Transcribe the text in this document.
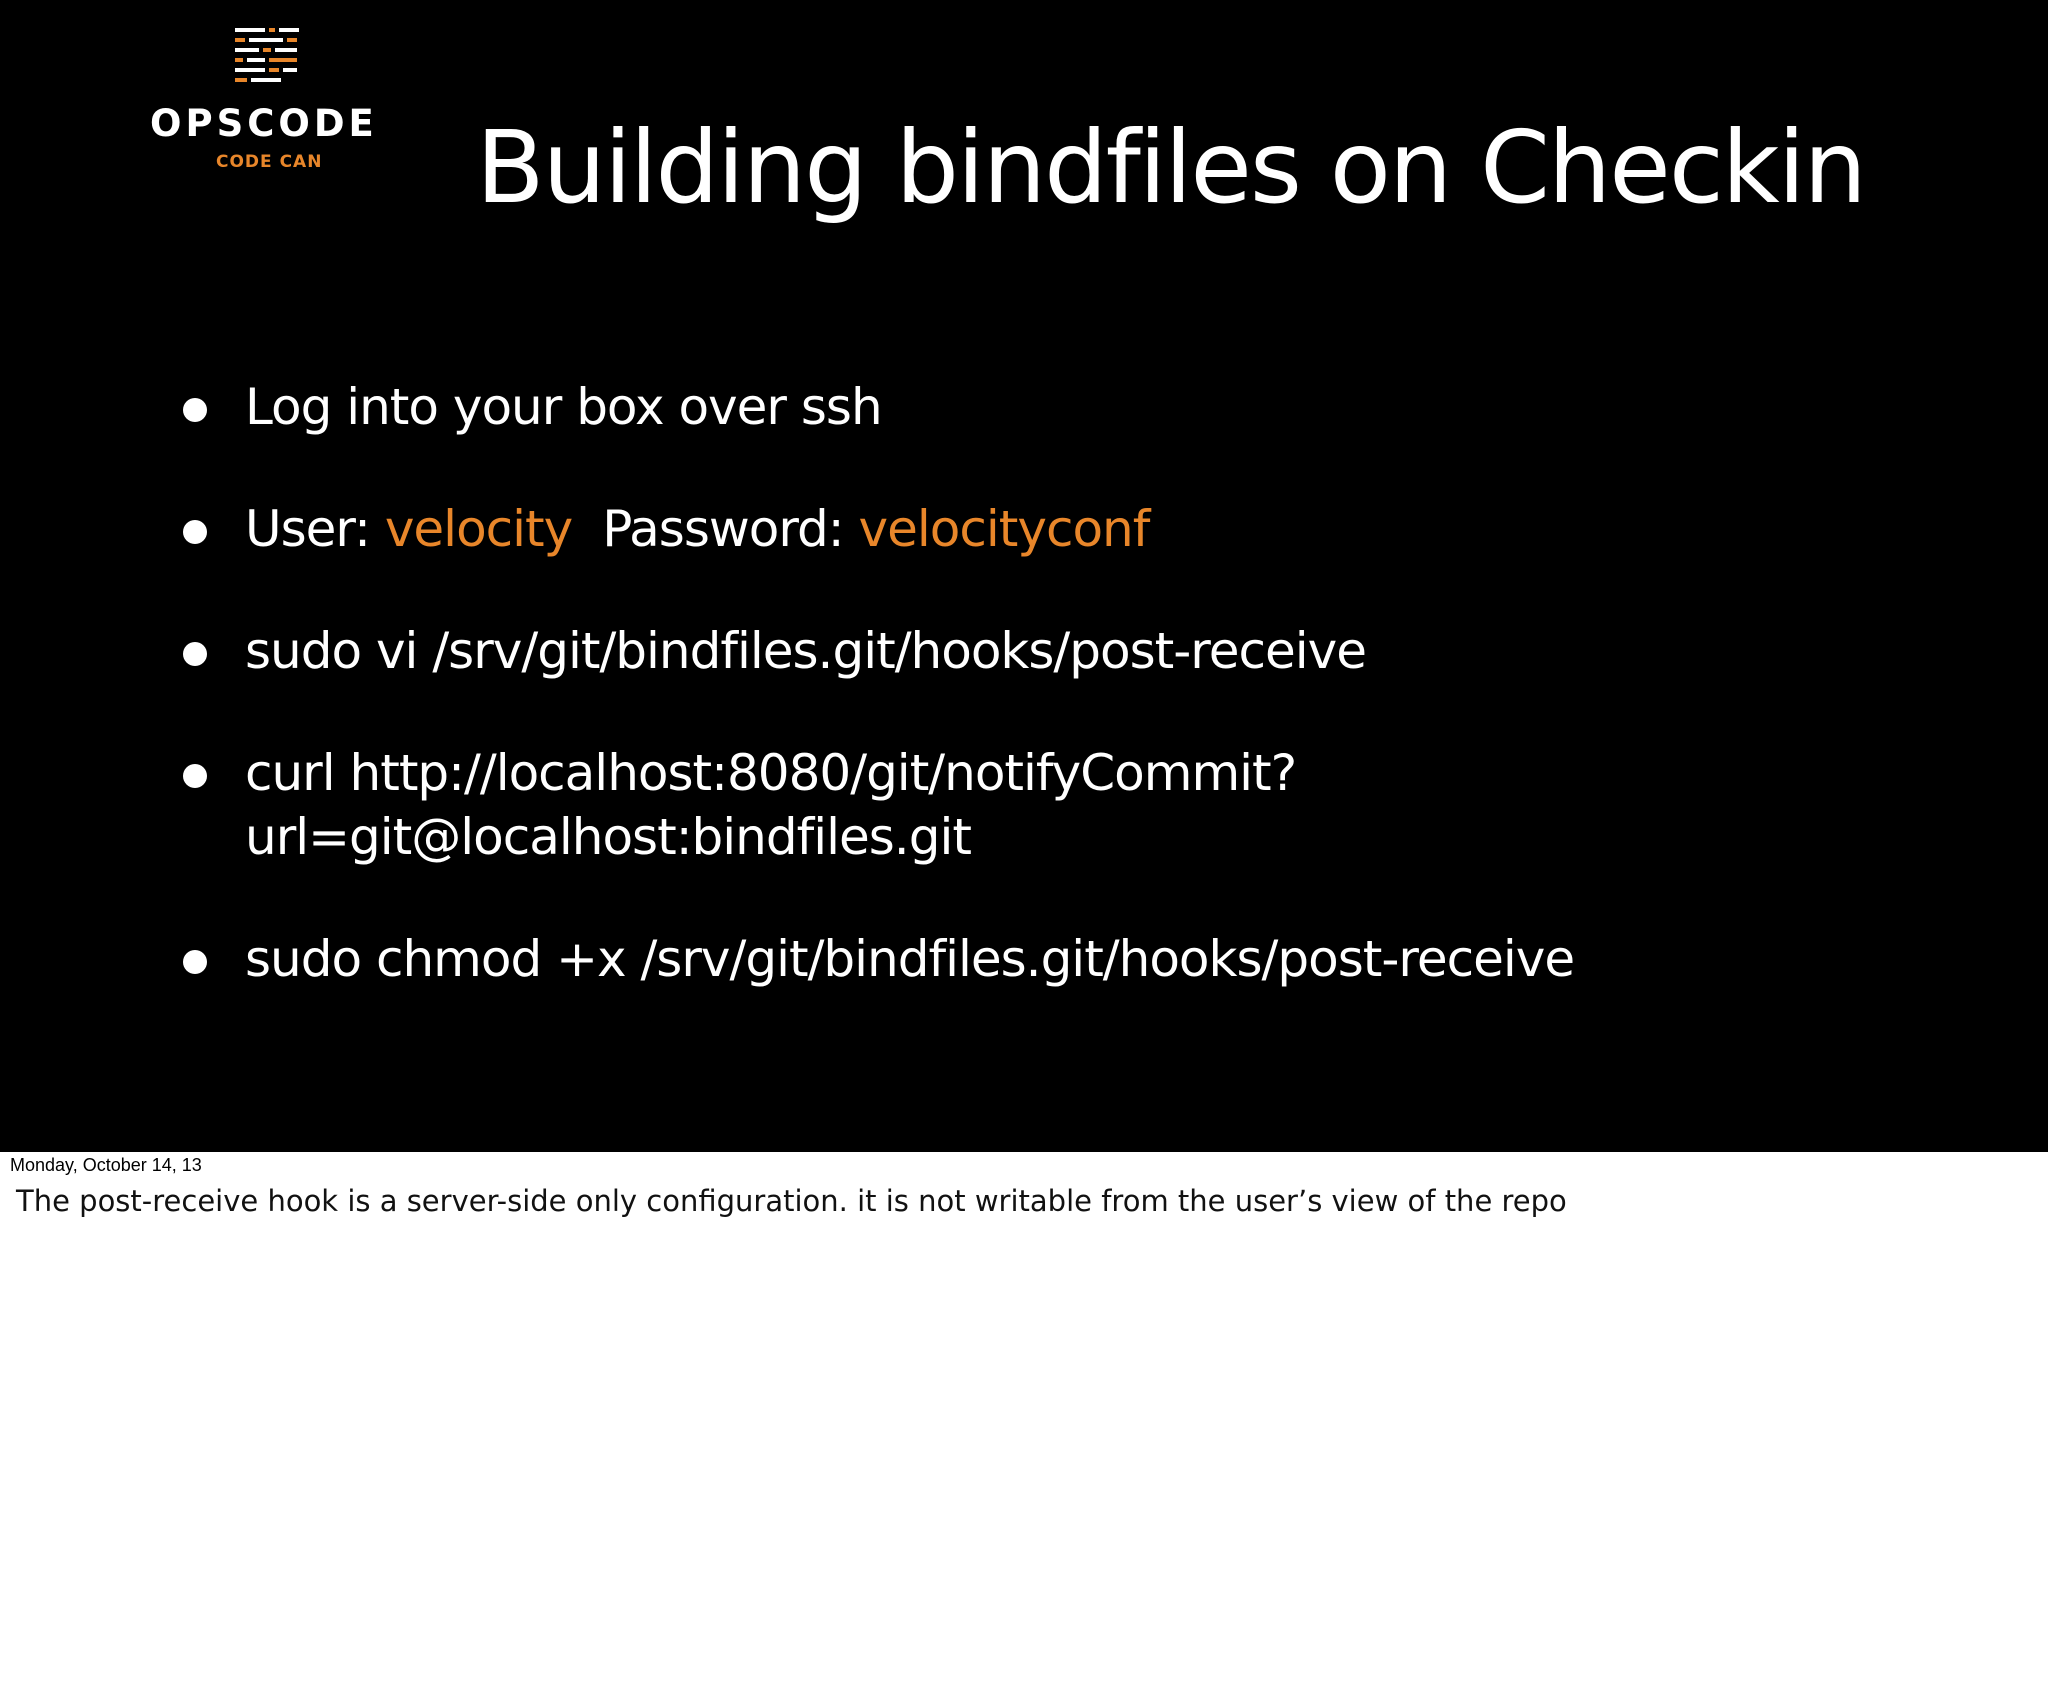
OPSCODE
CODE CAN Building bindfiles on Checkin
Log into your box over ssh
User: velocity Password: velocityconf
sudo vi /srv/git/bindfiles.git/hooks/post-receive
curl http://localhost:8080/git/notifyCommit?
url=git@localhost:bindfiles.git
sudo chmod +x /srv/git/bindfiles.git/hooks/post-receive
Monday, October 14, 13
The post-receive hook is a server-side only configuration. it is not writable from the user’s view of the repo
